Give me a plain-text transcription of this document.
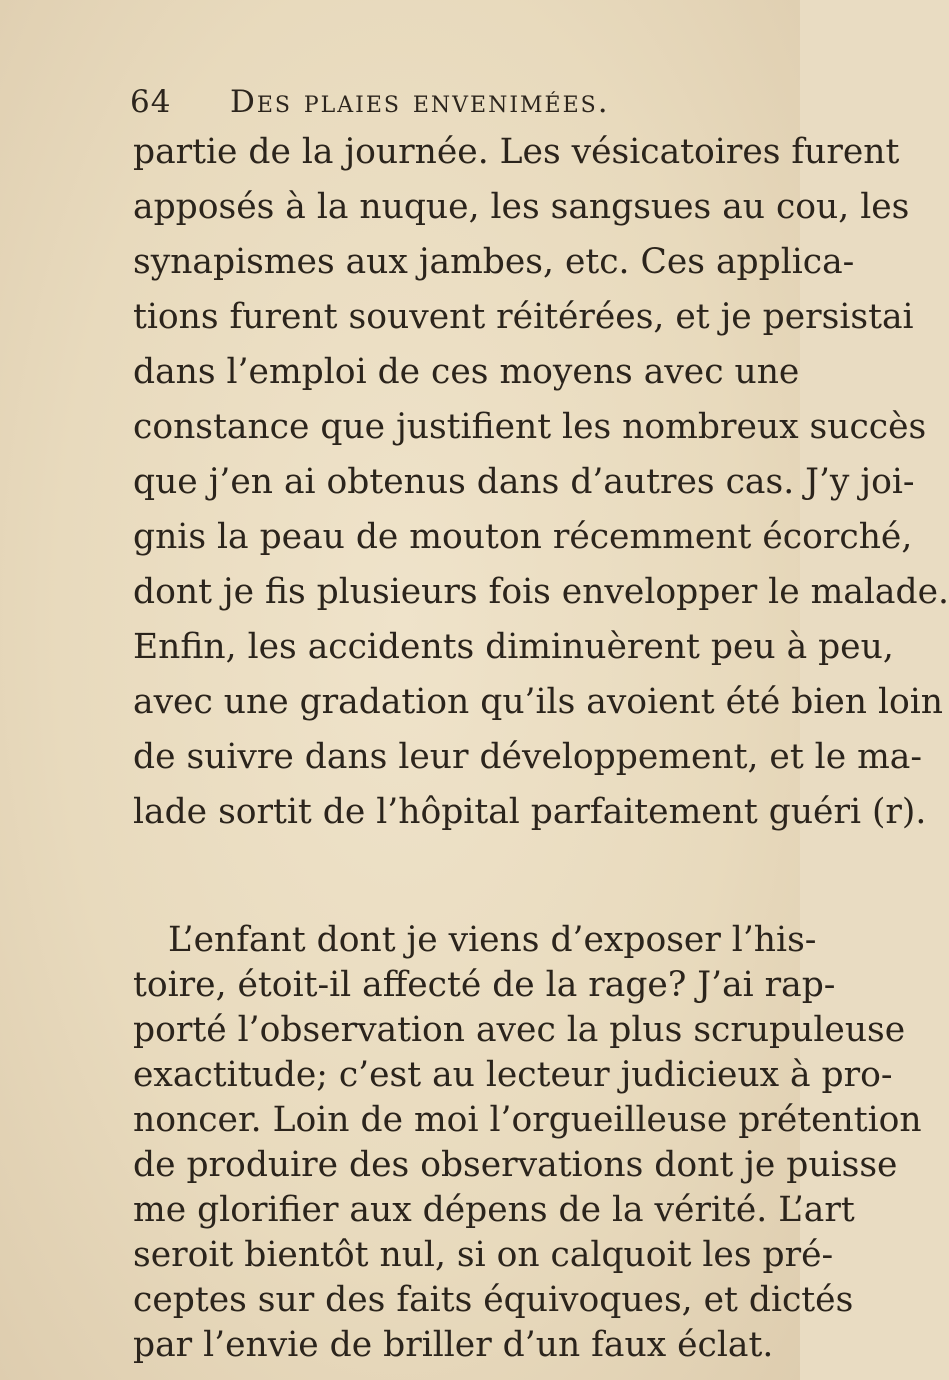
64 Des plaies envenimées.
partie de la journée. Les vésicatoires furent
apposés à la nuque, les sangsues au cou, les
synapismes aux jambes, etc. Ces applica-
tions furent souvent réitérées, et je persistai
dans l’emploi de ces moyens avec une
constance que justifient les nombreux succès
que j’en ai obtenus dans d’autres cas. J’y joi-
gnis la peau de mouton récemment écorché,
dont je fis plusieurs fois envelopper le malade.
Enfin, les accidents diminuèrent peu à peu,
avec une gradation qu’ils avoient été bien loin
de suivre dans leur développement, et le ma-
lade sortit de l’hôpital parfaitement guéri (r).
L’enfant dont je viens d’exposer l’his-
toire, étoit-il affecté de la rage? J’ai rap-
porté l’observation avec la plus scrupuleuse
exactitude; c’est au lecteur judicieux à pro-
noncer. Loin de moi l’orgueilleuse prétention
de produire des observations dont je puisse
me glorifier aux dépens de la vérité. L’art
seroit bientôt nul, si on calquoit les pré-
ceptes sur des faits équivoques, et dictés
par l’envie de briller d’un faux éclat.
